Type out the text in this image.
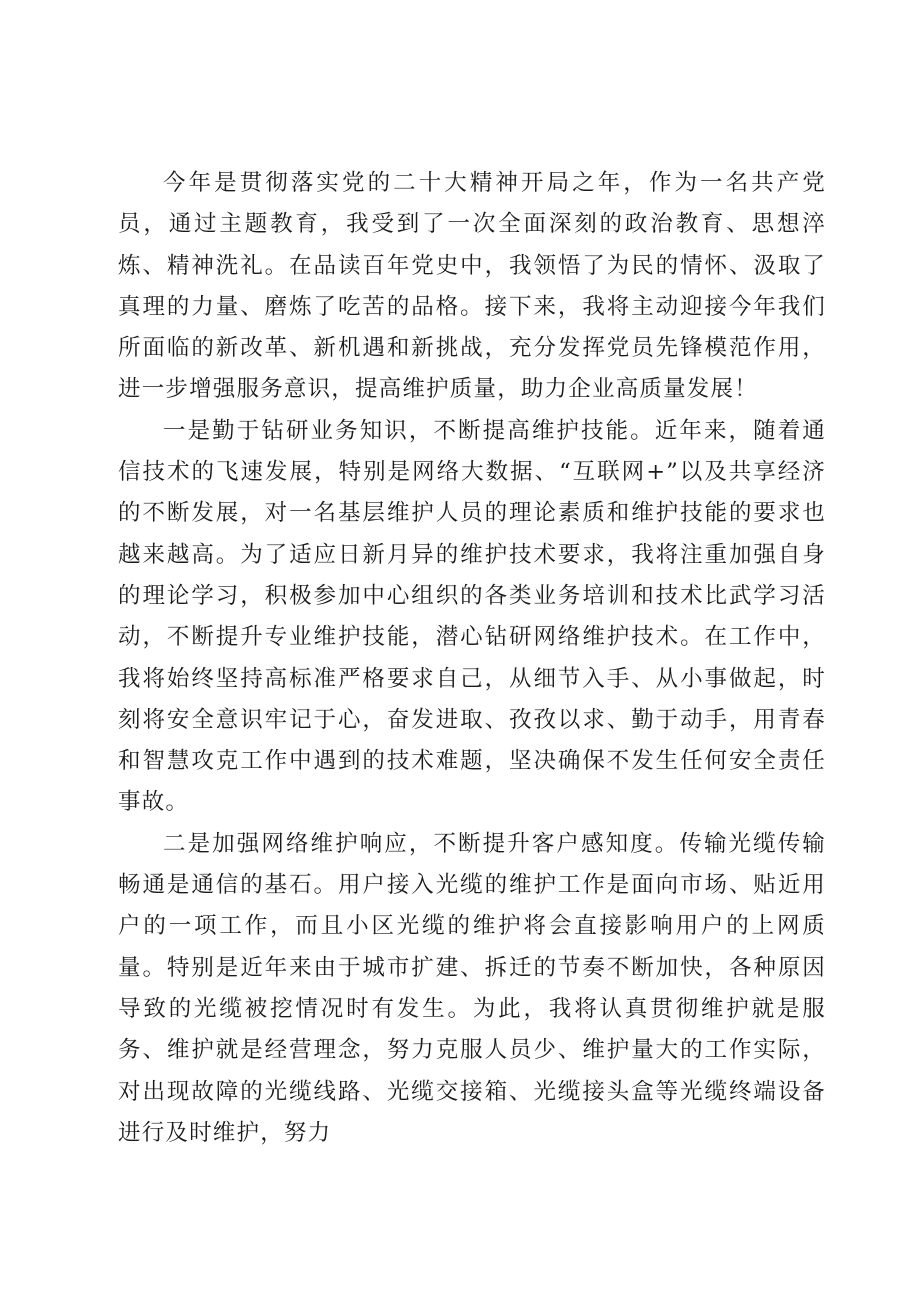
今年是贯彻落实党的二十大精神开局之年，作为一名共产党员，通过主题教育，我受到了一次全面深刻的政治教育、思想淬炼、精神洗礼。在品读百年党史中，我领悟了为民的情怀、汲取了真理的力量、磨炼了吃苦的品格。接下来，我将主动迎接今年我们所面临的新改革、新机遇和新挑战，充分发挥党员先锋模范作用，进一步增强服务意识，提高维护质量，助力企业高质量发展！

一是勤于钻研业务知识，不断提高维护技能。近年来，随着通信技术的飞速发展，特别是网络大数据、“互联网+”以及共享经济的不断发展，对一名基层维护人员的理论素质和维护技能的要求也越来越高。为了适应日新月异的维护技术要求，我将注重加强自身的理论学习，积极参加中心组织的各类业务培训和技术比武学习活动，不断提升专业维护技能，潜心钻研网络维护技术。在工作中，我将始终坚持高标准严格要求自己，从细节入手、从小事做起，时刻将安全意识牢记于心，奋发进取、孜孜以求、勤于动手，用青春和智慧攻克工作中遇到的技术难题，坚决确保不发生任何安全责任事故。

二是加强网络维护响应，不断提升客户感知度。传输光缆传输畅通是通信的基石。用户接入光缆的维护工作是面向市场、贴近用户的一项工作，而且小区光缆的维护将会直接影响用户的上网质量。特别是近年来由于城市扩建、拆迁的节奏不断加快，各种原因导致的光缆被挖情况时有发生。为此，我将认真贯彻维护就是服务、维护就是经营理念，努力克服人员少、维护量大的工作实际，对出现故障的光缆线路、光缆交接箱、光缆接头盒等光缆终端设备进行及时维护，努力
